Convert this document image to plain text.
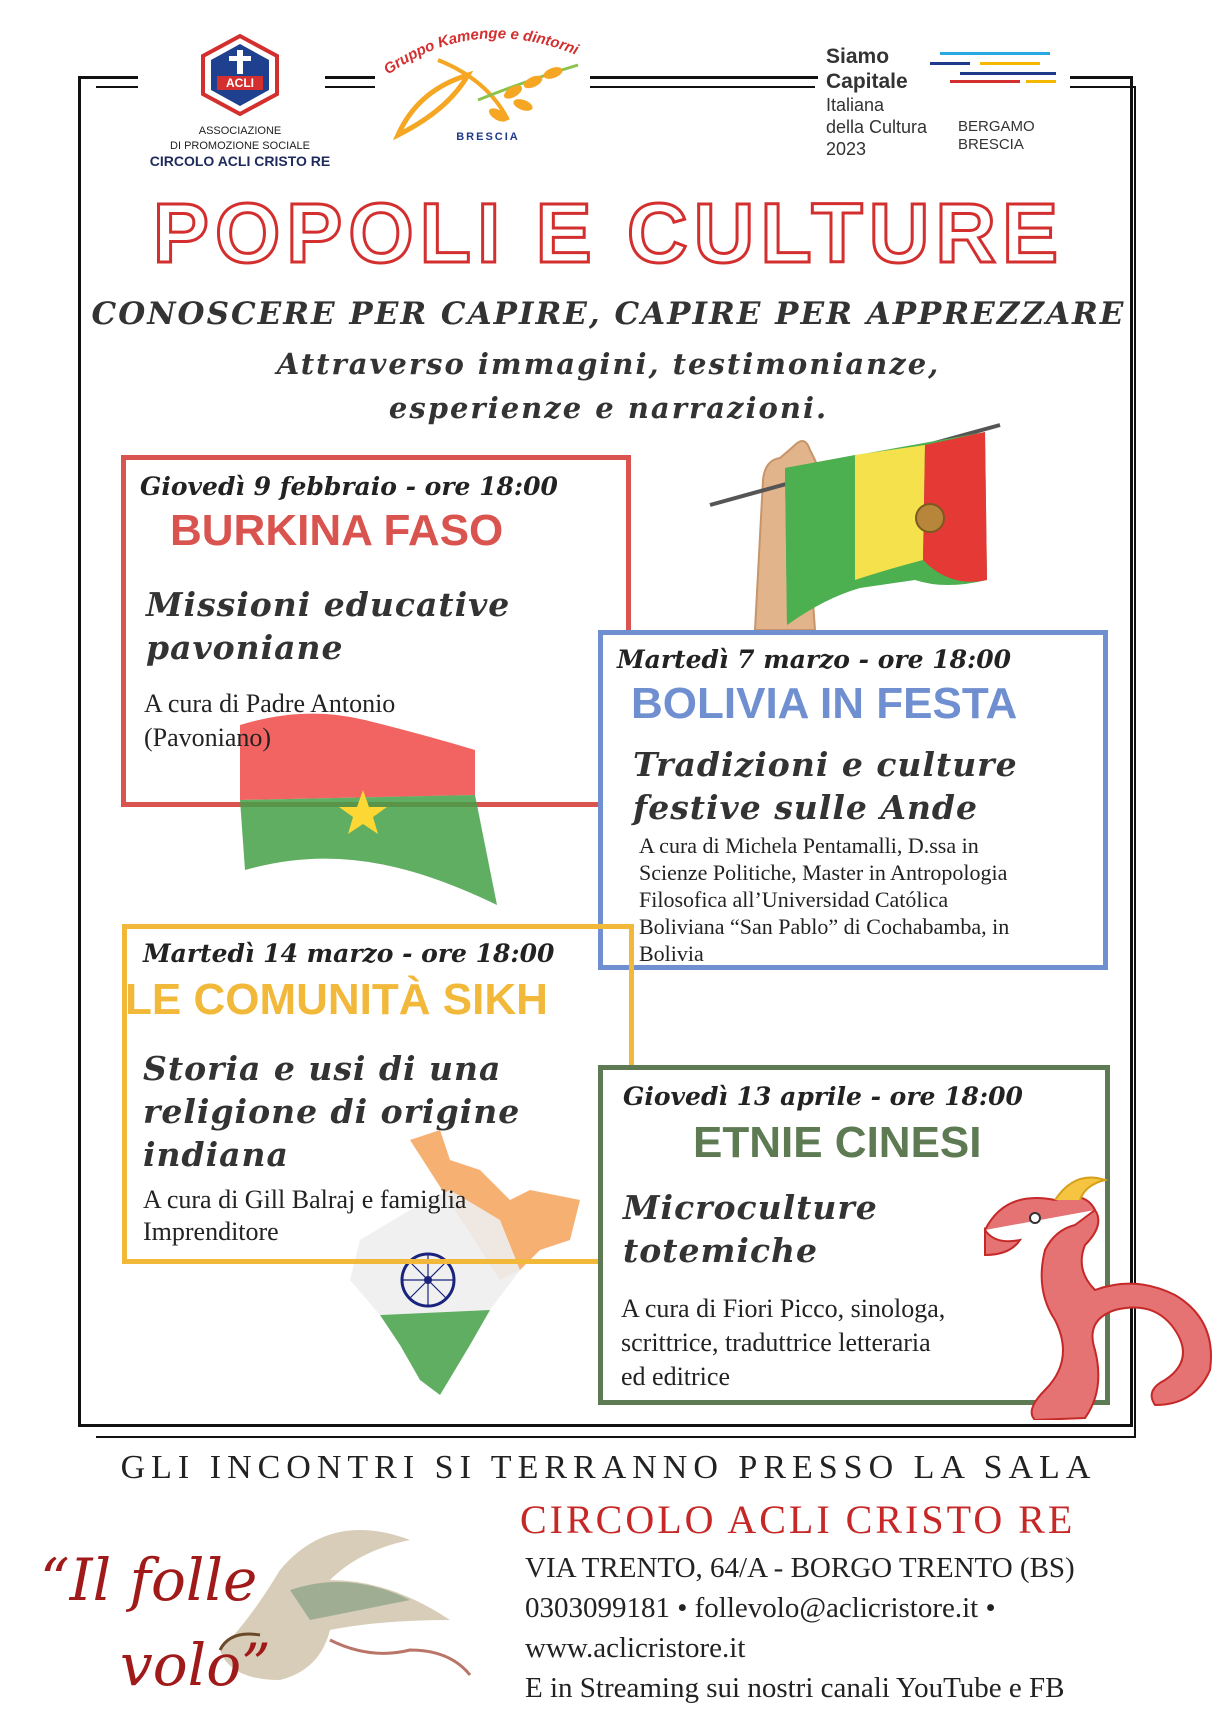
ACLI
ASSOCIAZIONE
DI PROMOZIONE SOCIALE
CIRCOLO ACLI CRISTO RE
Gruppo Kamenge e dintorni
BRESCIA
Siamo
Capitale
Italiana
della Cultura
2023
BERGAMO
BRESCIA
POPOLI E CULTURE
CONOSCERE PER CAPIRE, CAPIRE PER APPREZZARE
Attraverso immagini, testimonianze,
esperienze e narrazioni.
Giovedì 9 febbraio - ore 18:00
BURKINA FASO
Missioni educative
pavoniane
A cura di Padre Antonio
(Pavoniano)
Martedì 7 marzo - ore 18:00
BOLIVIA IN FESTA
Tradizioni e culture
festive sulle Ande
A cura di Michela Pentamalli, D.ssa in
Scienze Politiche, Master in Antropologia
Filosofica all’Universidad Católica
Boliviana “San Pablo” di Cochabamba, in
Bolivia
Martedì 14 marzo - ore 18:00
LE COMUNITÀ SIKH
Storia e usi di una
religione di origine
indiana
A cura di Gill Balraj e famiglia
Imprenditore
Giovedì 13 aprile - ore 18:00
ETNIE CINESI
Microculture
totemiche
A cura di Fiori Picco, sinologa,
scrittrice, traduttrice letteraria
ed editrice
GLI INCONTRI SI TERRANNO PRESSO LA SALA
CIRCOLO ACLI CRISTO RE
VIA TRENTO, 64/A - BORGO TRENTO (BS)
0303099181 • follevolo@aclicristore.it •
www.aclicristore.it
E in Streaming sui nostri canali YouTube e FB
“Il folle
volo”
